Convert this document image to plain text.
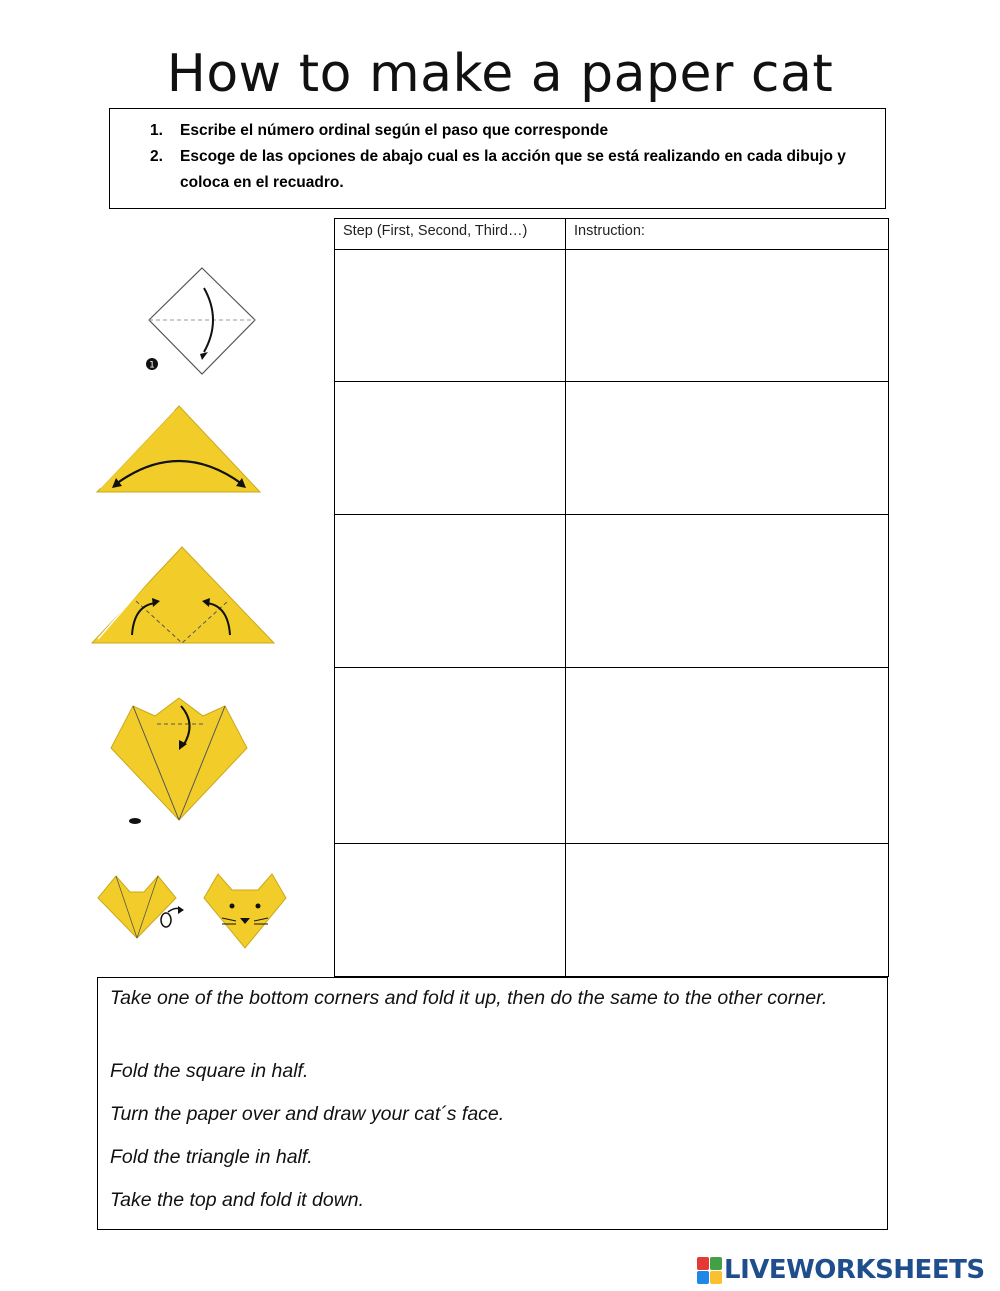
How to make a paper cat
1.	Escribe el número ordinal según el paso que corresponde
2.	Escoge de las opciones de abajo cual es la acción que se está realizando en cada dibujo y coloca en el recuadro.
Step (First, Second, Third…)	Instruction:

1

Take one of the bottom corners and fold it up, then do the same to the other corner.

Fold the square in half.

Turn the paper over and draw your cat´s face.

Fold the triangle in half.

Take the top and fold it down.

LIVEWORKSHEETS
